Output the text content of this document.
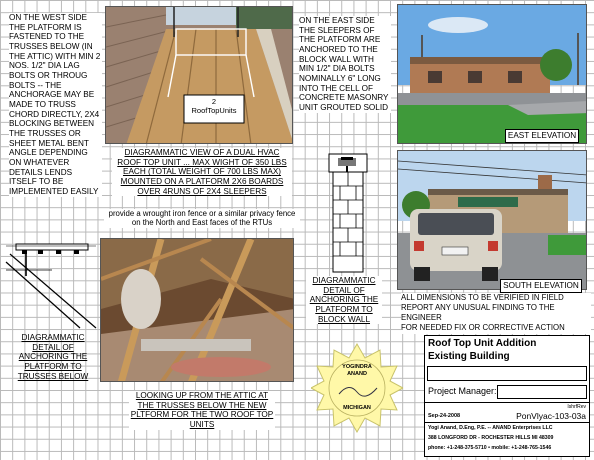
ON THE WEST SIDE THE PLATFORM IS FASTENED TO THE TRUSSES BELOW (IN THE ATTIC) WITH MIN 2 NOS. 1/2" DIA LAG BOLTS OR THROUG BOLTS -- THE ANCHORAGE MAY BE MADE TO TRUSS CHORD DIRECTLY, 2X4 BLOCKING BETWEEN THE TRUSSES OR SHEET METAL BENT ANGLE DEPENDING ON WHATEVER DETAILS LENDS ITSELF TO BE IMPLEMENTED EASILY
2
RoofTopUnits
ON THE EAST SIDE THE SLEEPERS OF THE PLATFORM ARE ANCHORED TO THE BLOCK WALL WITH MIN 1/2" DIA BOLTS NOMINALLY 6" LONG INTO THE CELL OF CONCRETE MASONRY UNIT GROUTED SOLID
EAST ELEVATION
DIAGRAMMATIC VIEW OF A DUAL HVAC ROOF TOP UNIT ... MAX WIGHT OF 350 LBS EACH (TOTAL WEIGHT OF 700 LBS MAX) MOUNTED ON A PLATFORM 2X6 BOARDS OVER 4RUNS OF 2X4 SLEEPERS
provide a wrought iron fence or a similar privacy fence on the North and East faces of the RTUs
SOUTH ELEVATION
DIAGRAMMATIC DETAIL OF ANCHORING THE PLATFORM TO TRUSSES BELOW
LOOKING UP FROM THE ATTIC AT THE TRUSSES BELOW THE NEW PLTFORM FOR THE TWO ROOF TOP UNITS
DIAGRAMMATIC DETAIL OF ANCHORING THE PLATFORM TO BLOCK WALL
ALL DIMENSIONS TO BE VERIFIED IN FIELD
REPORT ANY UNUSUAL FINDING TO THE ENGINEER
FOR NEEDED FIX OR CORRECTIVE ACTION
YOGINDRA ANAND
MICHIGAN
Roof Top Unit Addition
Existing Building
Project Manager:
IshrfRev
Sep-24-2008	PonVlyac-103-03a
Yogi Anand, D.Eng, P.E. -- ANAND Enterprises LLC
388 LONGFORD DR - ROCHESTER HILLS MI 48309
phone: +1-248-375-5710 • mobile: +1-248-765-1546
